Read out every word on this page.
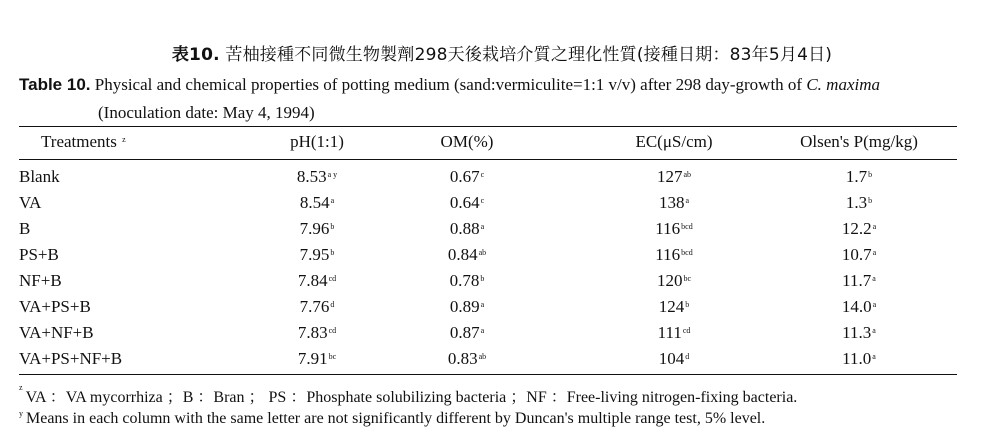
表10. 苦柚接種不同微生物製劑298天後栽培介質之理化性質(接種日期：83年5月4日)
Table 10. Physical and chemical properties of potting medium (sand:vermiculite=1:1 v/v) after 298 day-growth of C. maxima
(Inoculation date: May 4, 1994)
Treatments $^z$	pH(1:1)	OM(%)	EC(μS/cm)	Olsen's P(mg/kg)
Blank	$8.53^{a y}$	0.67$^c$	$127^{ab}$	1.7$^b$
VA	8.54$^a$	0.64$^c$	138$^a$	1.3$^b$
B	7.96$^b$	0.88$^a$	$116^{bcd}$	12.2$^a$
PS+B	7.95$^b$	0.84$^{ab}$	$116^{bcd}$	10.7$^a$
NF+B	7.84$^{cd}$	0.78$^b$	$120^{bc}$	11.7$^a$
VA+PS+B	7.76$^d$	0.89$^a$	124$^b$	14.0$^a$
VA+NF+B	7.83$^{cd}$	0.87$^a$	$111^{cd}$	11.3$^a$
VA+PS+NF+B	7.91$^{bc}$	0.83$^{ab}$	104$^d$	11.0$^a$
$^z$VA ：VA mycorrhiza ；B ：Bran ； PS ：Phosphate solubilizing bacteria ；NF ：Free-living nitrogen-fixing bacteria.
$^y$ Means in each column with the same letter are not significantly different by Duncan's multiple range test, 5% level.
